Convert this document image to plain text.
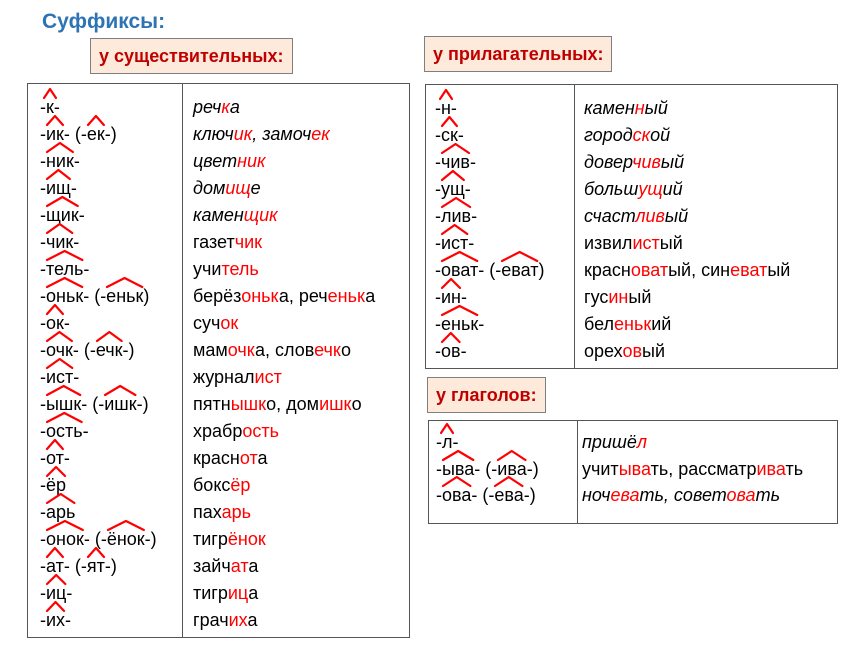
Суффиксы:
у существительных:	у прилагательных:
у глаголов:
-к-	речка
-ик- (-ек-)	ключик, замочек
-ник-	цветник
-ищ-	домище
-щик-	каменщик
-чик-	газетчик
-тель-	учитель
-оньк- (-еньк) берёзонька, реченька
-ок-	сучок
-очк- (-ечк-)	мамочка, словечко
-ист-	журналист
-ышк- (-ишк-) пятнышко, домишко
-ость-	храбрость
-от-	краснота
-ёр	боксёр
-арь	пахарь
-онок- (-ёнок-) тигрёнок
-ат- (-ят-)	зайчата
-иц-	тигрица
-их-	грачиха
-н-	каменный
-ск-	городской
-чив-	доверчивый
-ущ-	большущий
-лив-	счастливый
-ист-	извилистый
-оват- (-еват) красноватый, синеватый
-ин-	гусиный
-еньк-	беленький
-ов-	ореховый
-л-	пришёл
-ыва- (-ива-) учитывать, рассматривать
-ова- (-ева-)	ночевать, советовать
